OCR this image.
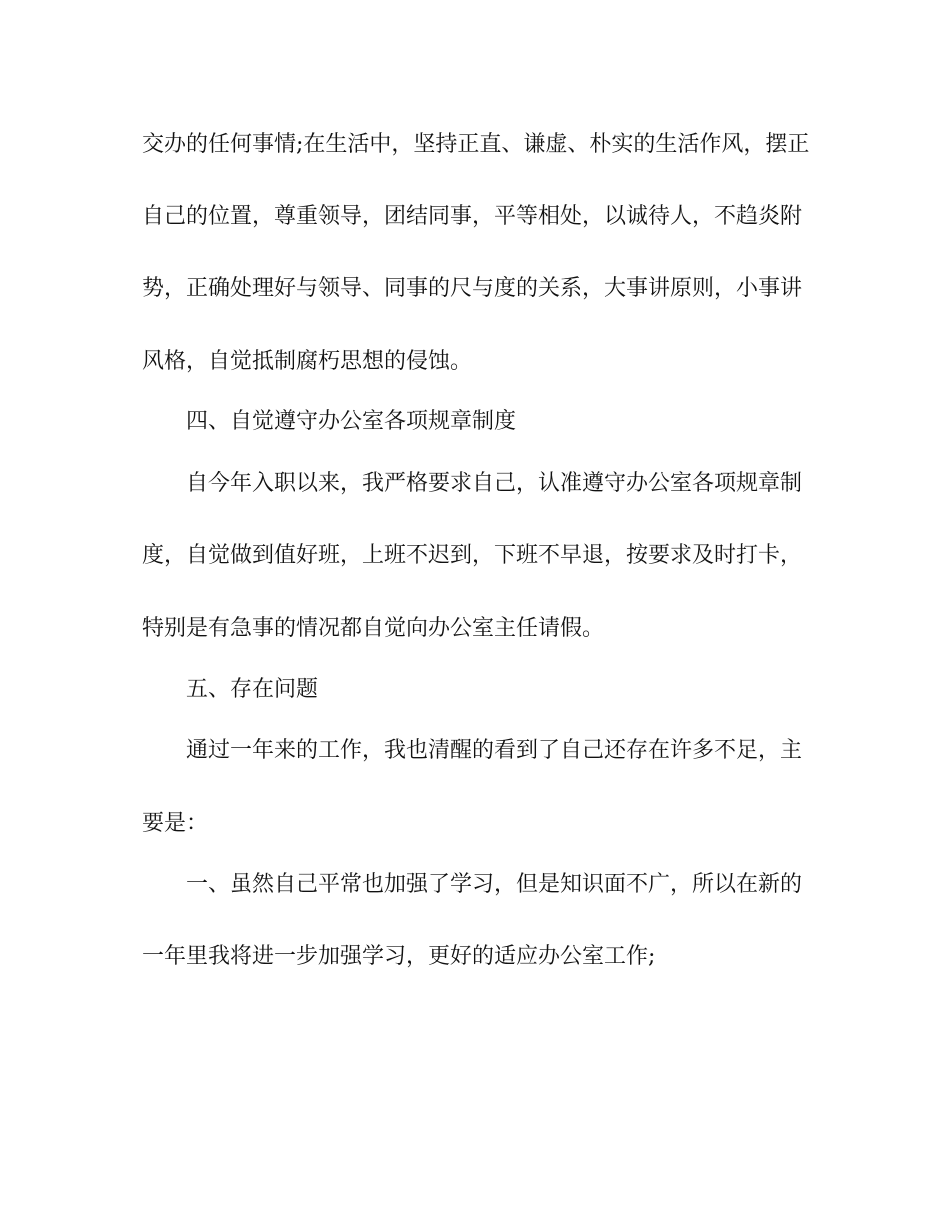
交办的任何事情;在生活中，坚持正直、谦虚、朴实的生活作风，摆正
自己的位置，尊重领导，团结同事，平等相处，以诚待人，不趋炎附
势，正确处理好与领导、同事的尺与度的关系，大事讲原则，小事讲
风格，自觉抵制腐朽思想的侵蚀。
四、自觉遵守办公室各项规章制度
自今年入职以来，我严格要求自己，认准遵守办公室各项规章制
度，自觉做到值好班，上班不迟到，下班不早退，按要求及时打卡，
特别是有急事的情况都自觉向办公室主任请假。
五、存在问题
通过一年来的工作，我也清醒的看到了自己还存在许多不足，主
要是：
一、虽然自己平常也加强了学习，但是知识面不广，所以在新的
一年里我将进一步加强学习，更好的适应办公室工作;
